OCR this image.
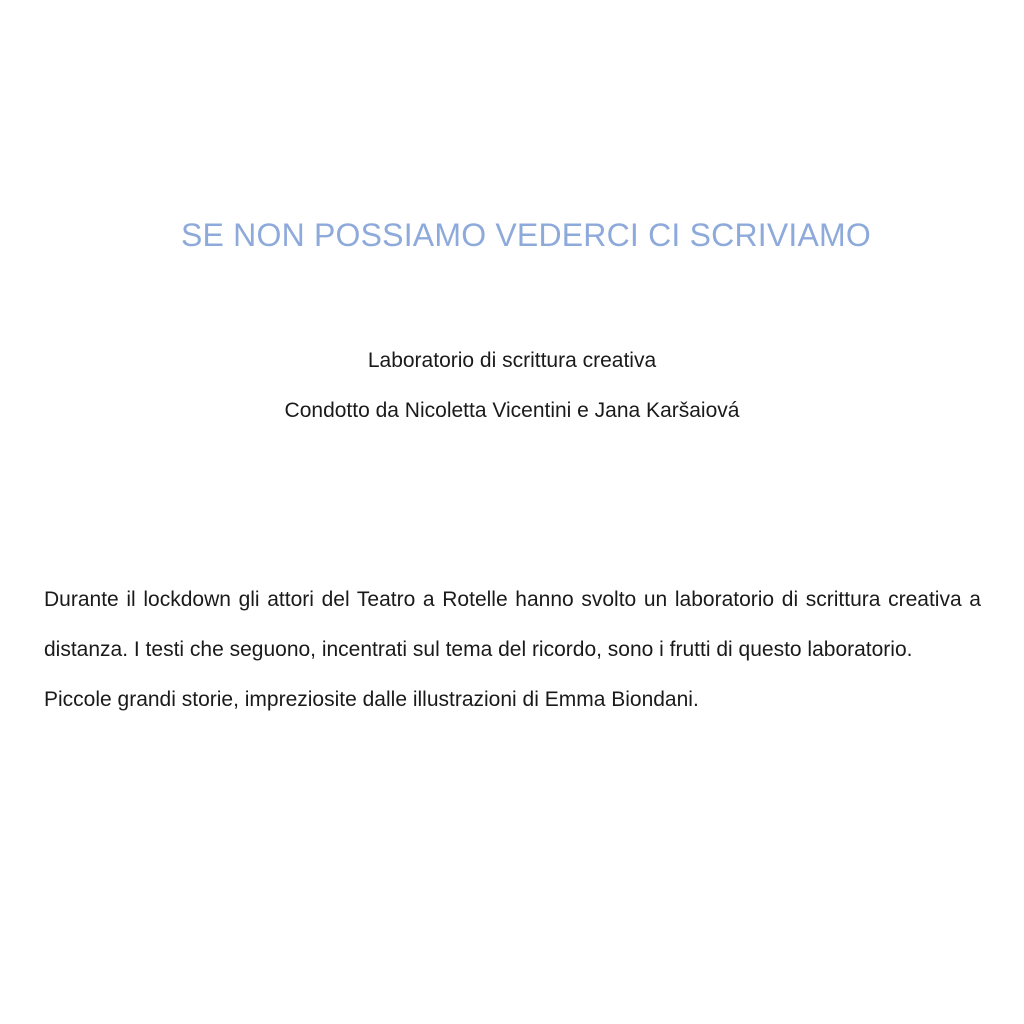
SE NON POSSIAMO VEDERCI CI SCRIVIAMO

Laboratorio di scrittura creativa

Condotto da Nicoletta Vicentini e Jana Karšaiová

Durante il lockdown gli attori del Teatro a Rotelle hanno svolto un laboratorio di scrittura creativa a distanza. I testi che seguono, incentrati sul tema del ricordo, sono i frutti di questo laboratorio.

Piccole grandi storie, impreziosite dalle illustrazioni di Emma Biondani.
